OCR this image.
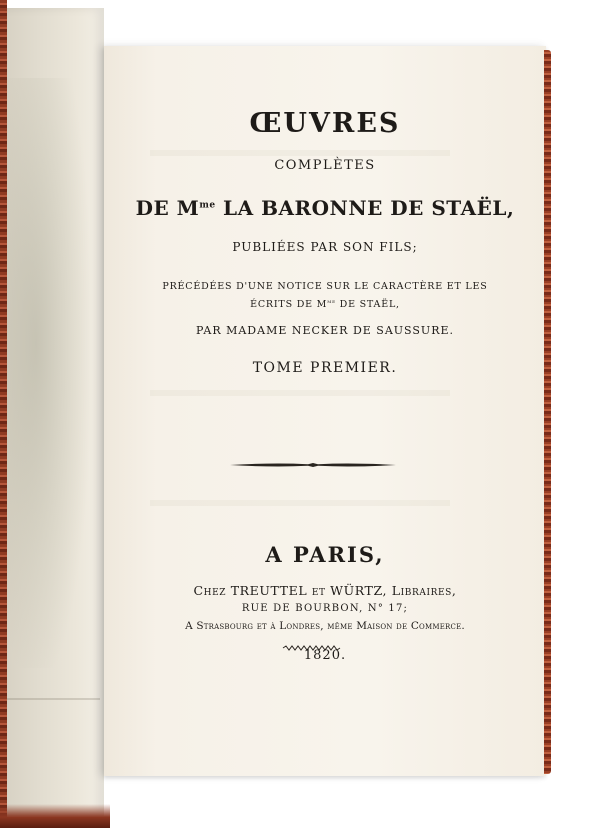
ŒUVRES
COMPLÈTES
DE $M^{me}$ LA BARONNE DE STAËL,
PUBLIÉES PAR SON FILS;
PRÉCÉDÉES D'UNE NOTICE SUR LE CARACTÈRE ET LES
ÉCRITS DE $M^{me}$ DE STAËL,
PAR MADAME NECKER DE SAUSSURE.
TOME PREMIER.
A PARIS,
Chez TREUTTEL et WÜRTZ, Libraires,
RUE DE BOURBON, N° 17;
A Strasbourg et à Londres, même Maison de Commerce.
1820.
